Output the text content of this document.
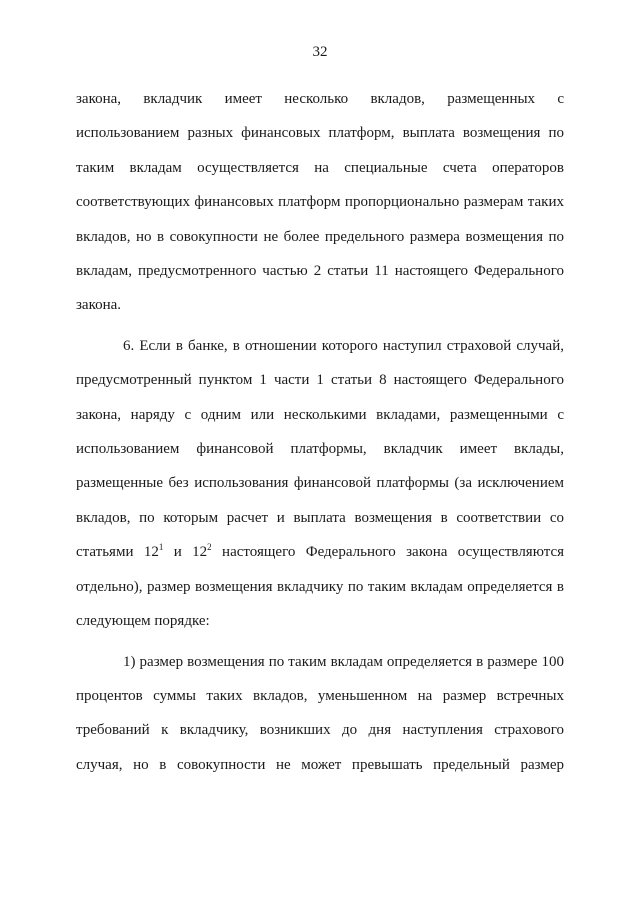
32
закона, вкладчик имеет несколько вкладов, размещенных с
использованием разных финансовых платформ, выплата возмещения по
таким вкладам осуществляется на специальные счета операторов
соответствующих финансовых платформ пропорционально размерам таких
вкладов, но в совокупности не более предельного размера возмещения по
вкладам, предусмотренного частью 2 статьи 11 настоящего Федерального
закона.
6. Если в банке, в отношении которого наступил страховой случай,
предусмотренный пунктом 1 части 1 статьи 8 настоящего Федерального
закона, наряду с одним или несколькими вкладами, размещенными с
использованием финансовой платформы, вкладчик имеет вклады,
размещенные без использования финансовой платформы (за исключением
вкладов, по которым расчет и выплата возмещения в соответствии со
статьями $12^1$ и $12^2$ настоящего Федерального закона осуществляются
отдельно), размер возмещения вкладчику по таким вкладам определяется в
следующем порядке:
1) размер возмещения по таким вкладам определяется в размере 100
процентов суммы таких вкладов, уменьшенном на размер встречных
требований к вкладчику, возникших до дня наступления страхового
случая, но в совокупности не может превышать предельный размер
